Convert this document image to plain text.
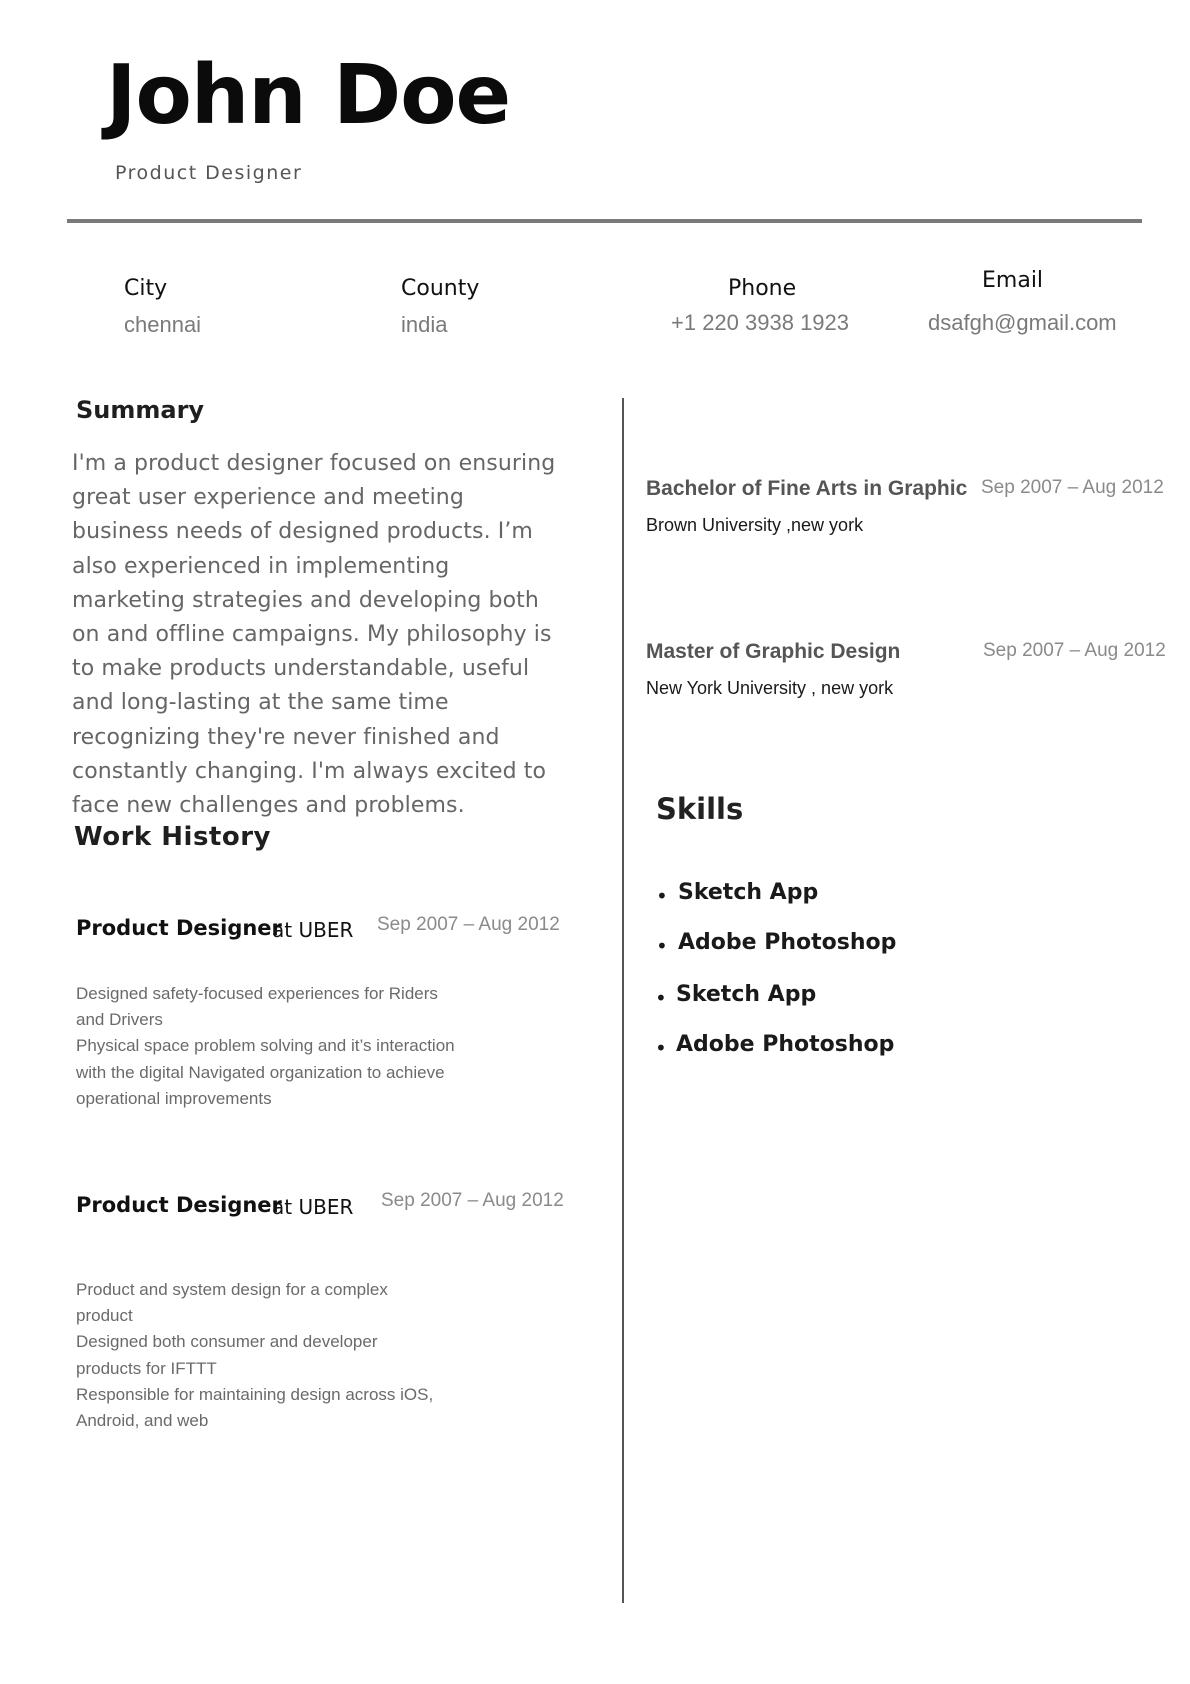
John Doe
Product Designer
City
chennai
County
india
Phone
+1 220 3938 1923
Email
dsafgh@gmail.com
Summary
I'm a product designer focused on ensuring great user experience and meeting business needs of designed products. I’m also experienced in implementing marketing strategies and developing both on and offline campaigns. My philosophy is to make products understandable, useful and long-lasting at the same time recognizing they're never finished and constantly changing. I'm always excited to face new challenges and problems.
Work History
Product Designer
at UBER Sep 2007 – Aug 2012
Designed safety-focused experiences for Riders and Drivers
Physical space problem solving and it’s interaction with the digital Navigated organization to achieve operational improvements
Product Designer
at UBER Sep 2007 – Aug 2012
Product and system design for a complex product
Designed both consumer and developer products for IFTTT
Responsible for maintaining design across iOS, Android, and web
Bachelor of Fine Arts in Graphic Sep 2007 – Aug 2012
Brown University ,new york
Master of Graphic Design	Sep 2007 – Aug 2012
New York University , new york
Skills
• Sketch App
• Adobe Photoshop
• Sketch App
• Adobe Photoshop
